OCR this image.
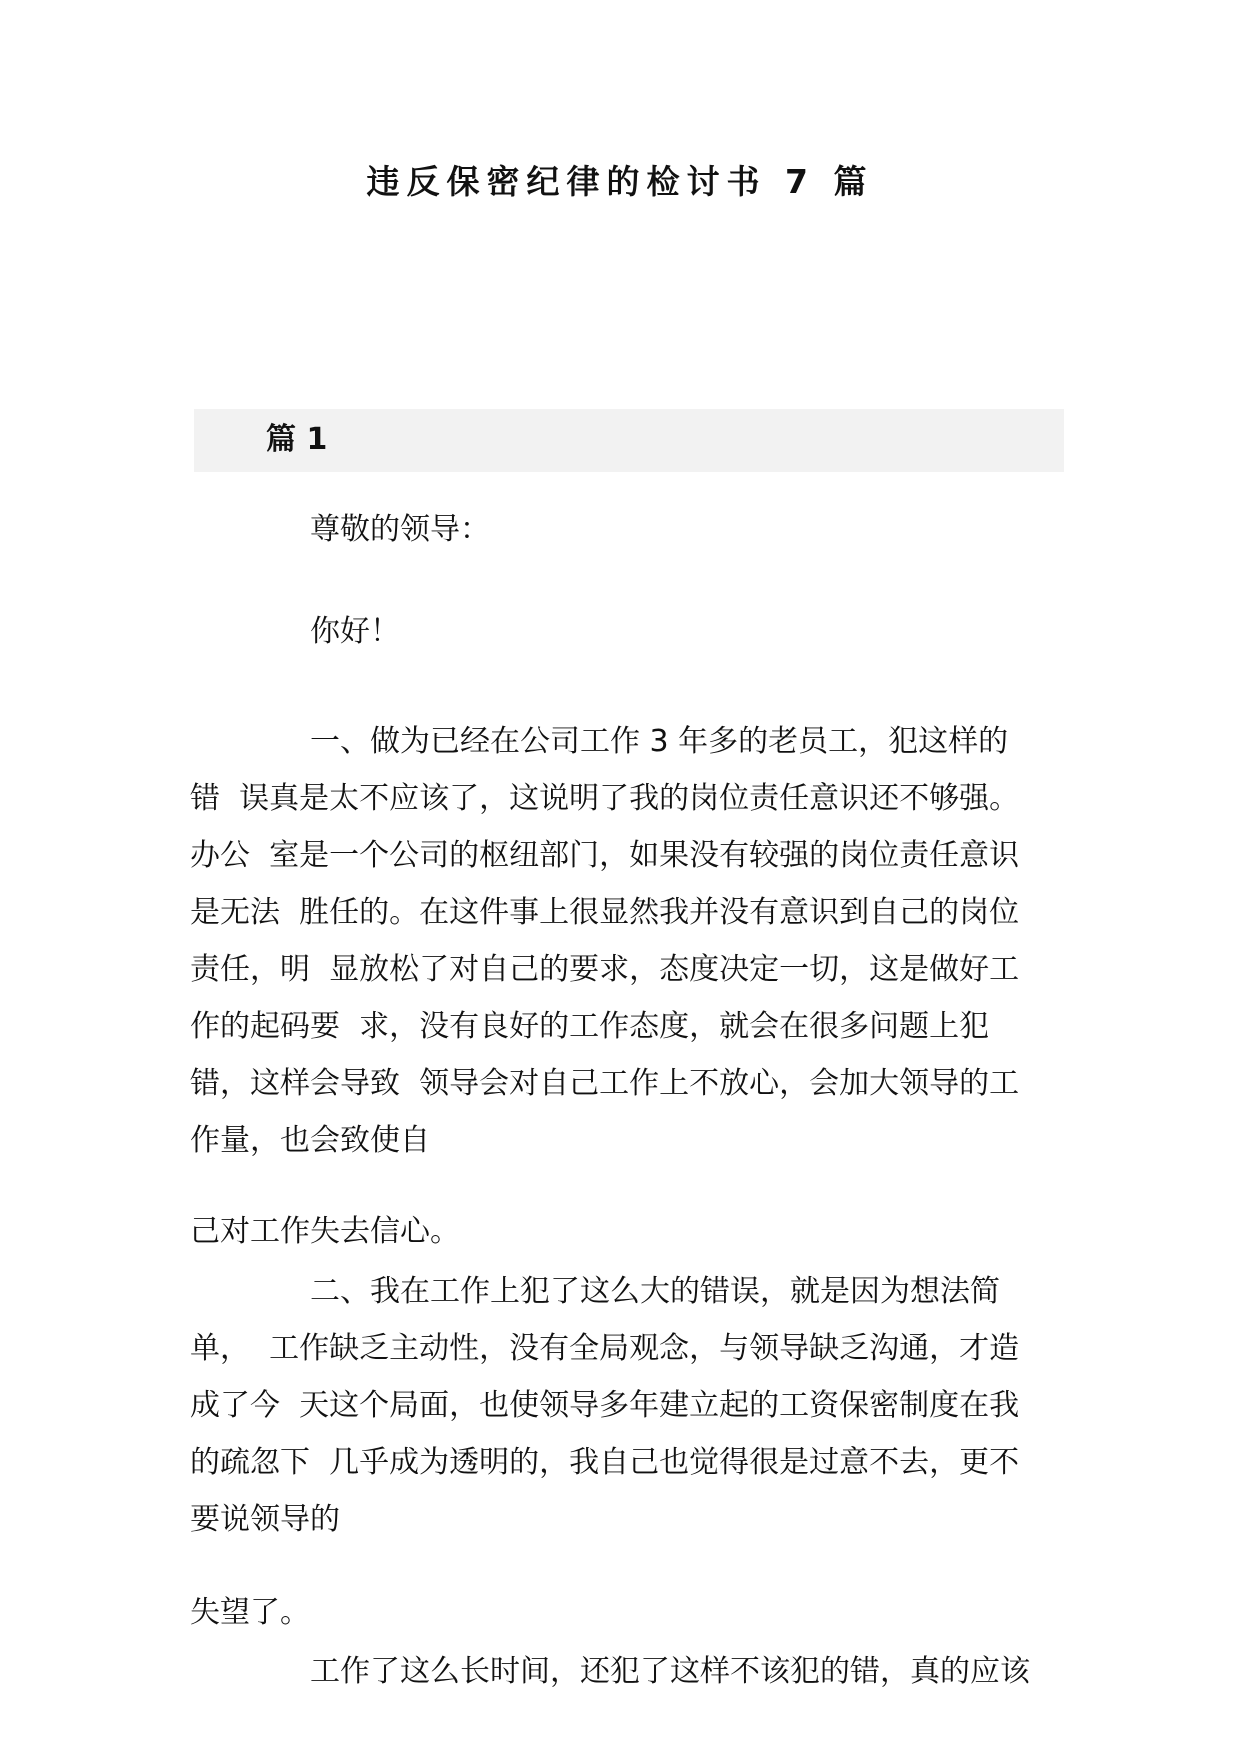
违反保密纪律的检讨书 7 篇
篇 1

尊敬的领导：

你好！

一、做为已经在公司工作 3 年多的老员工，犯这样的

错  误真是太不应该了，这说明了我的岗位责任意识还不够强。

办公  室是一个公司的枢纽部门，如果没有较强的岗位责任意识

是无法  胜任的。在这件事上很显然我并没有意识到自己的岗位

责任，明  显放松了对自己的要求，态度决定一切，这是做好工

作的起码要  求，没有良好的工作态度，就会在很多问题上犯

错，这样会导致  领导会对自己工作上不放心，会加大领导的工

作量，也会致使自

己对工作失去信心。

二、我在工作上犯了这么大的错误，就是因为想法简

单，  工作缺乏主动性，没有全局观念，与领导缺乏沟通，才造

成了今  天这个局面，也使领导多年建立起的工资保密制度在我

的疏忽下  几乎成为透明的，我自己也觉得很是过意不去，更不

要说领导的

失望了。

工作了这么长时间，还犯了这样不该犯的错，真的应该
